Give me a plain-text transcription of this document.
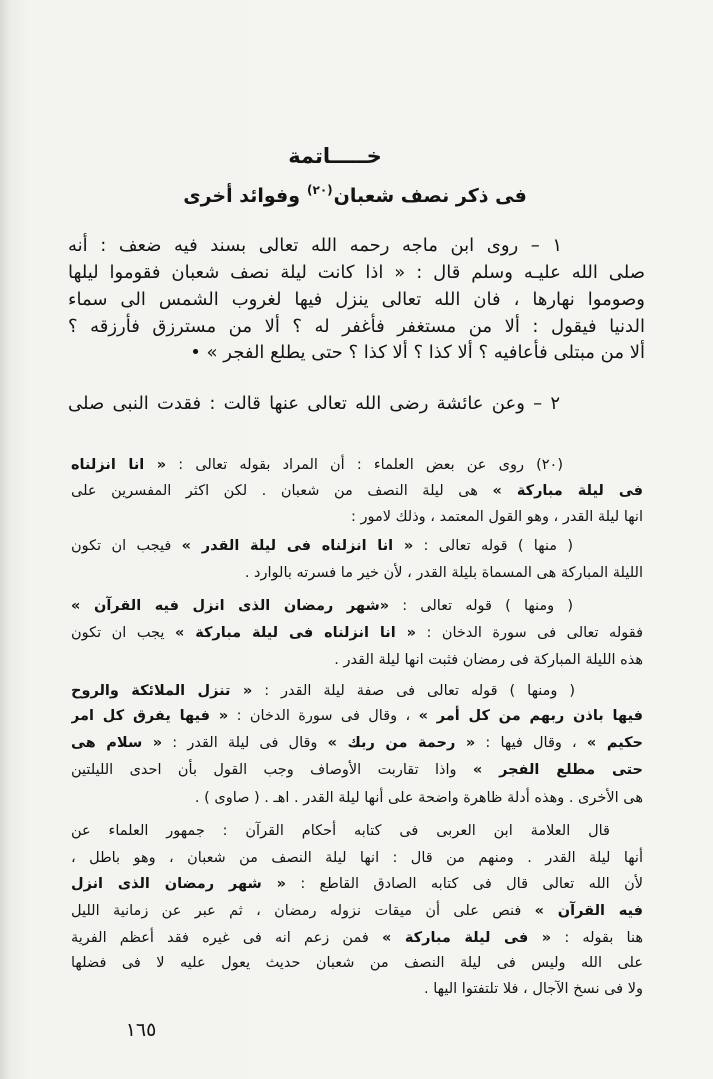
خـــــاتمة
فى ذكر نصف شعبان$^{(٢٠)}$وفوائد أخرى
١ – روى ابن ماجه رحمه الله تعالى بسند فيه ضعف : أنه
صلى الله عليـه وسلم قال : « اذا كانت ليلة نصف شعبان فقوموا ليلها
وصوموا نهارها ، فان الله تعالى ينزل فيها لغروب الشمس الى سماء
الدنيا فيقول : ألا من مستغفر فأغفر له ؟ ألا من مسترزق فأرزقه ؟
ألا من مبتلى فأعافيه ؟ ألا كذا ؟ ألا كذا ؟ حتى يطلع الفجر » •
٢ – وعن عائشة رضى الله تعالى عنها قالت : فقدت النبى صلى
(٢٠) روى عن بعض العلماء : أن المراد بقوله تعالى : « انا انزلناه
فى ليلة مباركة » هى ليلة النصف من شعبان . لكن اكثر المفسرين على
انها ليلة القدر ، وهو القول المعتمد ، وذلك لامور :
( منها ) قوله تعالى : « انا انزلناه فى ليلة القدر » فيجب ان تكون
الليلة المباركة هى المسماة بليلة القدر ، لأن خير ما فسرته بالوارد .
( ومنها ) قوله تعالى : «شهر رمضان الذى انزل فيه القرآن »
فقوله تعالى فى سورة الدخان : « انا انزلناه فى ليلة مباركة » يجب ان تكون
هذه الليلة المباركة فى رمضان فثبت انها ليلة القدر .
( ومنها ) قوله تعالى فى صفة ليلة القدر : « تنزل الملائكة والروح
فيها باذن ربهم من كل أمر » ، وقال فى سورة الدخان : « فيها يفرق كل امر
حكيم » ، وقال فيها : « رحمة من ربك » وقال فى ليلة القدر : « سلام هى
حتى مطلع الفجر » واذا تقاربت الأوصاف وجب القول بأن احدى الليلتين
هى الأخرى . وهذه أدلة ظاهرة واضحة على أنها ليلة القدر . اهـ . ( صاوى ) .
قال العلامة ابن العربى فى كتابه أحكام القرآن : جمهور العلماء عن
أنها ليلة القدر . ومنهم من قال : انها ليلة النصف من شعبان ، وهو باطل ،
لأن الله تعالى قال فى كتابه الصادق القاطع : « شهر رمضان الذى انزل
فيه القرآن » فنص على أن ميقات نزوله رمضان ، ثم عبر عن زمانية الليل
هنا بقوله : « فى ليلة مباركة » فمن زعم انه فى غيره فقد أعظم الفرية
على الله وليس فى ليلة النصف من شعبان حديث يعول عليه لا فى فضلها
ولا فى نسخ الآجال ، فلا تلتفتوا اليها .
١٦٥
